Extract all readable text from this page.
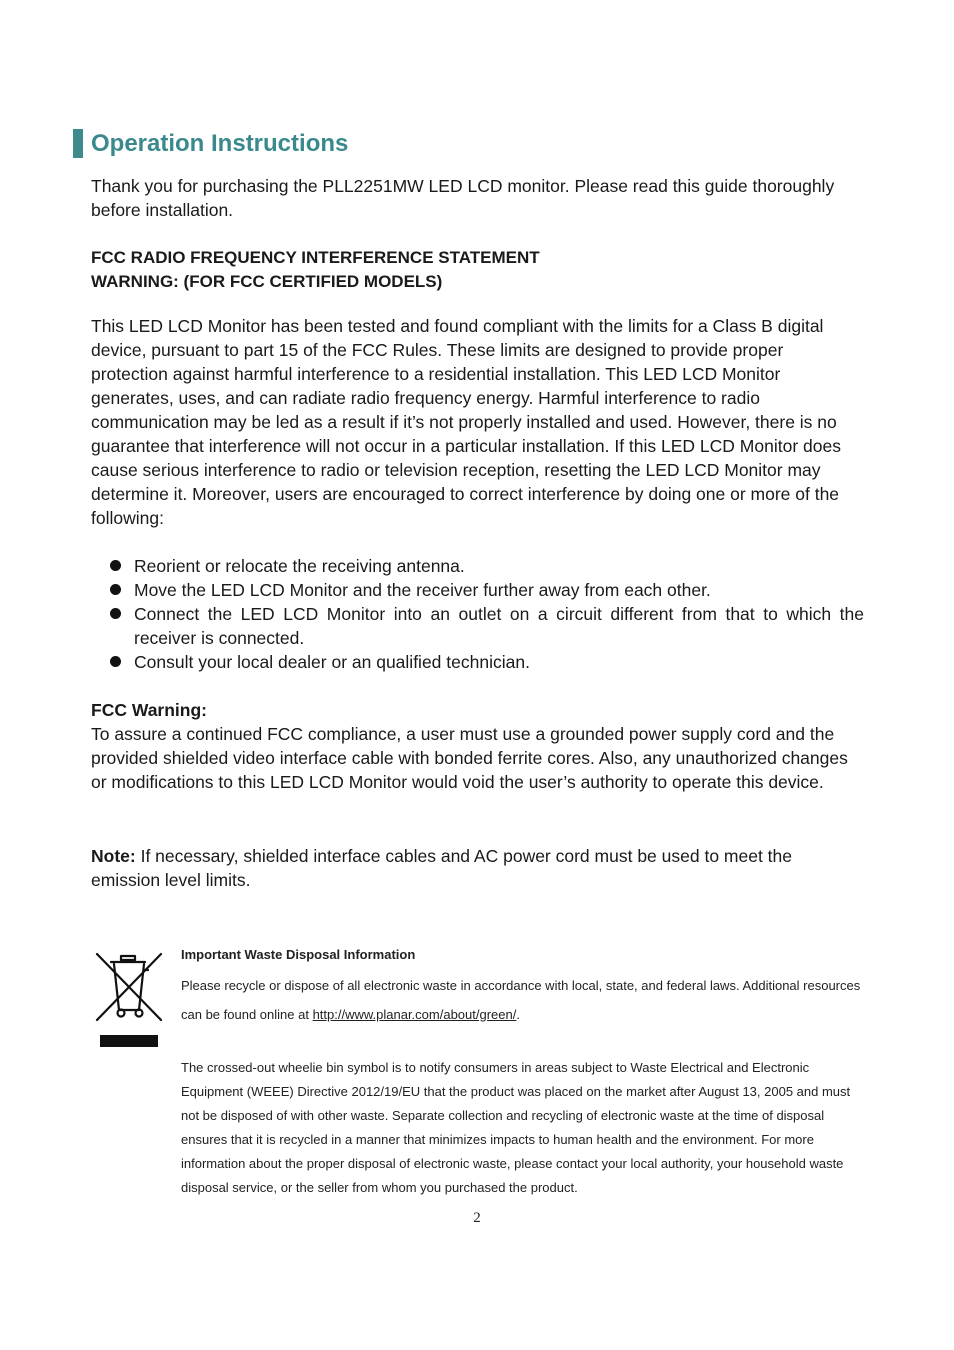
Operation Instructions
Thank you for purchasing the PLL2251MW LED LCD monitor. Please read this guide thoroughly before installation.
FCC RADIO FREQUENCY INTERFERENCE STATEMENT
WARNING: (FOR FCC CERTIFIED MODELS)
This LED LCD Monitor has been tested and found compliant with the limits for a Class B digital device, pursuant to part 15 of the FCC Rules. These limits are designed to provide proper protection against harmful interference to a residential installation. This LED LCD Monitor generates, uses, and can radiate radio frequency energy. Harmful interference to radio communication may be led as a result if it’s not properly installed and used. However, there is no guarantee that interference will not occur in a particular installation. If this LED LCD Monitor does cause serious interference to radio or television reception, resetting the LED LCD Monitor may determine it. Moreover, users are encouraged to correct interference by doing one or more of the following:
Reorient or relocate the receiving antenna.
Move the LED LCD Monitor and the receiver further away from each other.
Connect the LED LCD Monitor into an outlet on a circuit different from that to which the receiver is connected.
Consult your local dealer or an qualified technician.
FCC Warning:
To assure a continued FCC compliance, a user must use a grounded power supply cord and the provided shielded video interface cable with bonded ferrite cores. Also, any unauthorized changes or modifications to this LED LCD Monitor would void the user’s authority to operate this device.
Note: If necessary, shielded interface cables and AC power cord must be used to meet the emission level limits.
Important Waste Disposal Information
Please recycle or dispose of all electronic waste in accordance with local, state, and federal laws. Additional resources can be found online at http://www.planar.com/about/green/.
The crossed-out wheelie bin symbol is to notify consumers in areas subject to Waste Electrical and Electronic Equipment (WEEE) Directive 2012/19/EU that the product was placed on the market after August 13, 2005 and must not be disposed of with other waste. Separate collection and recycling of electronic waste at the time of disposal ensures that it is recycled in a manner that minimizes impacts to human health and the environment. For more information about the proper disposal of electronic waste, please contact your local authority, your household waste disposal service, or the seller from whom you purchased the product.
2
